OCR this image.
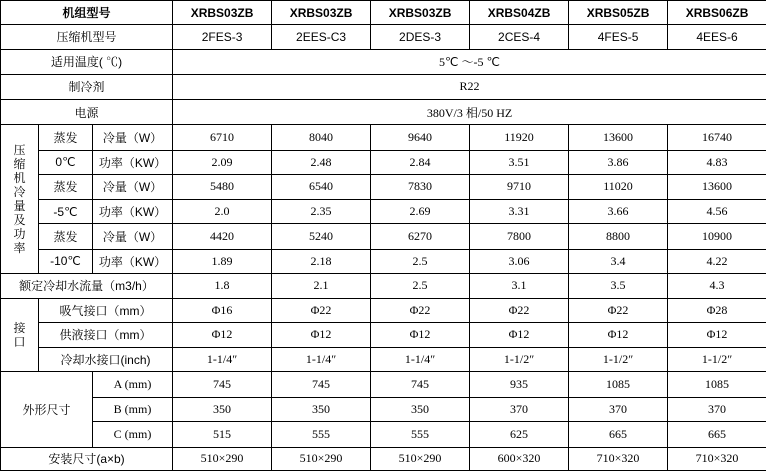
机组型号			XRBS03ZB	XRBS03ZB	XRBS03ZB	XRBS04ZB	XRBS05ZB	XRBS06ZB
压缩机型号			2FES-3	2EES-C3	2DES-3	2CES-4	4FES-5	4EES-6
适用温度( ℃)			5℃ ～-5 ℃					
制冷剂			R22					
电源			380V/3 相/50 HZ					

压缩机冷量及功率	蒸发	冷量（W）	6710	8040	9640	11920	13600	16740
	0℃	功率（KW）	2.09	2.48	2.84	3.51	3.86	4.83
	蒸发	冷量（W）	5480	6540	7830	9710	11020	13600
	-5℃	功率（KW）	2.0	2.35	2.69	3.31	3.66	4.56
	蒸发	冷量（W）	4420	5240	6270	7800	8800	10900
	-10℃	功率（KW）	1.89	2.18	2.5	3.06	3.4	4.22
额定冷却水流量（m3/h）			1.8	2.1	2.5	3.1	3.5	4.3

接口	吸气接口（mm）		Φ16	Φ22	Φ22	Φ22	Φ22	Φ28
	供液接口（mm）		Φ12	Φ12	Φ12	Φ12	Φ12	Φ12
	冷却水接口(inch)		1-1/4″	1-1/4″	1-1/4″	1-1/2″	1-1/2″	1-1/2″
外形尺寸		A (mm)	745	745	745	935	1085	1085
		B (mm)	350	350	350	370	370	370
		C (mm)	515	555	555	625	665	665
安装尺寸(a×b)			510×290	510×290	510×290	600×320	710×320	710×320
